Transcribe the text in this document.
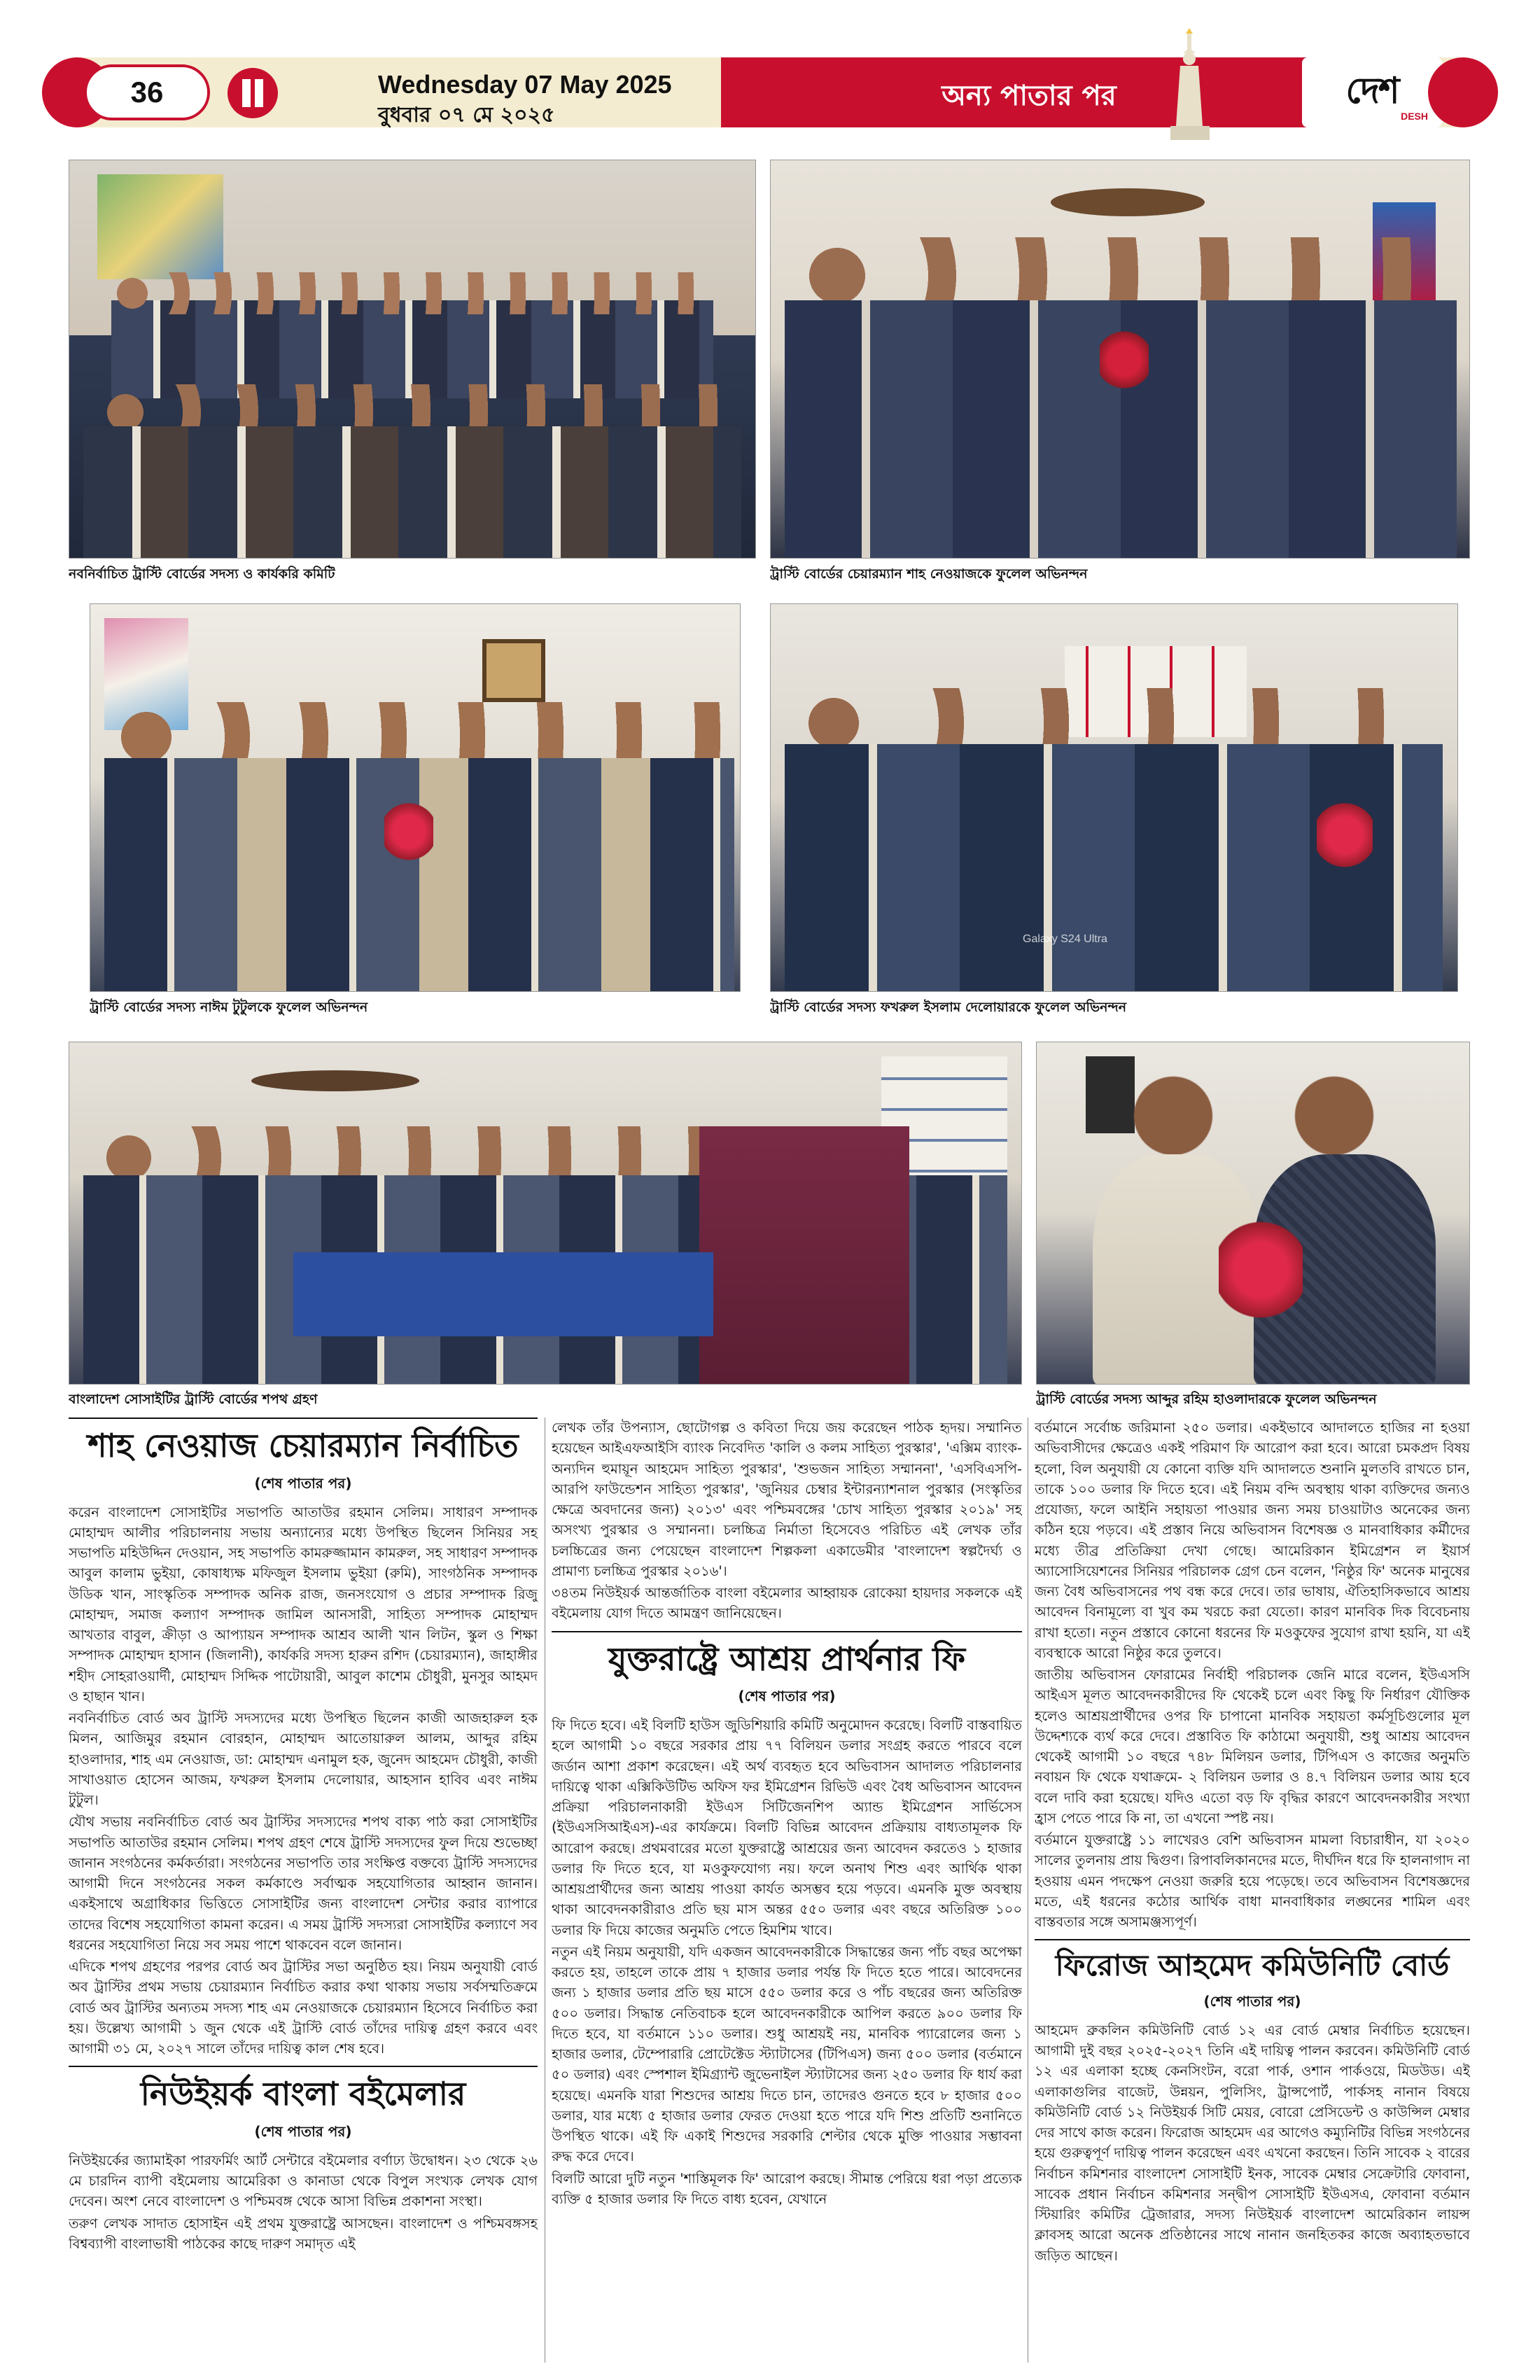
36	Wednesday 07 May 2025
বুধবার ০৭ মে ২০২৫
অন্য পাতার পর	দেশ
DESH
নবনির্বাচিত ট্রাস্টি বোর্ডের সদস্য ও কার্যকরি কমিটি	ট্রাস্টি বোর্ডের চেয়ারম্যান শাহ নেওয়াজকে ফুলেল অভিনন্দন
ট্রাস্টি বোর্ডের সদস্য নাঈম টুটুলকে ফুলেল অভিনন্দন
Galaxy S24 Ultra
ট্রাস্টি বোর্ডের সদস্য ফখরুল ইসলাম দেলোয়ারকে ফুলেল অভিনন্দন
বাংলাদেশ সোসাইটির ট্রাস্টি বোর্ডের শপথ গ্রহণ	ট্রাস্টি বোর্ডের সদস্য আব্দুর রহিম হাওলাদারকে ফুলেল অভিনন্দন
শাহ নেওয়াজ চেয়ারম্যান নির্বাচিত
(শেষ পাতার পর)

করেন বাংলাদেশ সোসাইটির সভাপতি আতাউর রহমান সেলিম। সাধারণ সম্পাদক মোহাম্মদ আলীর পরিচালনায় সভায় অন্যান্যের মধ্যে উপস্থিত ছিলেন সিনিয়র সহ সভাপতি মহিউদ্দিন দেওয়ান, সহ সভাপতি কামরুজ্জামান কামরুল, সহ সাধারণ সম্পাদক আবুল কালাম ভুইয়া, কোষাধ্যক্ষ মফিজুল ইসলাম ভুইয়া (রুমি), সাংগঠনিক সম্পাদক উডিক খান, সাংস্কৃতিক সম্পাদক অনিক রাজ, জনসংযোগ ও প্রচার সম্পাদক রিজু মোহাম্মদ, সমাজ কল্যাণ সম্পাদক জামিল আনসারী, সাহিত্য সম্পাদক মোহাম্মদ আখতার বাবুল, ক্রীড়া ও আপ্যায়ন সম্পাদক আশ্রব আলী খান লিটন, স্কুল ও শিক্ষা সম্পাদক মোহাম্মদ হাসান (জিলানী), কার্যকরি সদস্য হারুন রশিদ (চেয়ারম্যান), জাহাঙ্গীর শহীদ সোহরাওয়ার্দী, মোহাম্মদ সিদ্দিক পাটোয়ারী, আবুল কাশেম চৌধুরী, মুনসুর আহমদ ও হাছান খান।

নবনির্বাচিত বোর্ড অব ট্রাস্টি সদস্যদের মধ্যে উপস্থিত ছিলেন কাজী আজহারুল হক মিলন, আজিমুর রহমান বোরহান, মোহাম্মদ আতোয়ারুল আলম, আব্দুর রহিম হাওলাদার, শাহ এম নেওয়াজ, ডা: মোহাম্মদ এনামুল হক, জুনেদ আহমেদ চৌধুরী, কাজী সাখাওয়াত হোসেন আজম, ফখরুল ইসলাম দেলোয়ার, আহসান হাবিব এবং নাঈম টুটুল।

যৌথ সভায় নবনির্বাচিত বোর্ড অব ট্রাস্টির সদস্যদের শপথ বাক্য পাঠ করা সোসাইটির সভাপতি আতাউর রহমান সেলিম। শপথ গ্রহণ শেষে ট্রাস্টি সদস্যদের ফুল দিয়ে শুভেচ্ছা জানান সংগঠনের কর্মকর্তারা। সংগঠনের সভাপতি তার সংক্ষিপ্ত বক্তব্যে ট্রাস্টি সদস্যদের আগামী দিনে সংগঠনের সকল কর্মকাণ্ডে সর্বাত্মক সহযোগিতার আহ্বান জানান। একইসাথে অগ্রাধিকার ভিত্তিতে সোসাইটির জন্য বাংলাদেশ সেন্টার করার ব্যাপারে তাদের বিশেষ সহযোগিতা কামনা করেন। এ সময় ট্রাস্টি সদস্যরা সোসাইটির কল্যাণে সব ধরনের সহযোগিতা নিয়ে সব সময় পাশে থাকবেন বলে জানান।

এদিকে শপথ গ্রহণের পরপর বোর্ড অব ট্রাস্টির সভা অনুষ্ঠিত হয়। নিয়ম অনুযায়ী বোর্ড অব ট্রাস্টির প্রথম সভায় চেয়ারম্যান নির্বাচিত করার কথা থাকায় সভায় সর্বসম্মতিক্রমে বোর্ড অব ট্রাস্টির অন্যতম সদস্য শাহ এম নেওয়াজকে চেয়ারম্যান হিসেবে নির্বাচিত করা হয়। উল্লেখ্য আগামী ১ জুন থেকে এই ট্রাস্টি বোর্ড তাঁদের দায়িত্ব গ্রহণ করবে এবং আগামী ৩১ মে, ২০২৭ সালে তাঁদের দায়িত্ব কাল শেষ হবে।

নিউইয়র্ক বাংলা বইমেলার
(শেষ পাতার পর)

নিউইয়র্কের জ্যামাইকা পারফর্মিং আর্ট সেন্টারে বইমেলার বর্ণাঢ্য উদ্বোধন। ২৩ থেকে ২৬ মে চারদিন ব্যাপী বইমেলায় আমেরিকা ও কানাডা থেকে বিপুল সংখ্যক লেখক যোগ দেবেন। অংশ নেবে বাংলাদেশ ও পশ্চিমবঙ্গ থেকে আসা বিভিন্ন প্রকাশনা সংস্থা।

তরুণ লেখক সাদাত হোসাইন এই প্রথম যুক্তরাষ্ট্রে আসছেন। বাংলাদেশ ও পশ্চিমবঙ্গসহ বিশ্বব্যাপী বাংলাভাষী পাঠকের কাছে দারুণ সমাদৃত এই

লেখক তাঁর উপন্যাস, ছোটোগল্প ও কবিতা দিয়ে জয় করেছেন পাঠক হৃদয়। সম্মানিত হয়েছেন আইএফআইসি ব্যাংক নিবেদিত 'কালি ও কলম সাহিত্য পুরস্কার', 'এক্সিম ব্যাংক-অন্যদিন হুমায়ূন আহমেদ সাহিত্য পুরস্কার', 'শুভজন সাহিত্য সম্মাননা', 'এসবিএসপি-আরপি ফাউন্ডেশন সাহিত্য পুরস্কার', 'জুনিয়র চেম্বার ইন্টারন্যাশনাল পুরস্কার (সংস্কৃতির ক্ষেত্রে অবদানের জন্য) ২০১৩' এবং পশ্চিমবঙ্গের 'চোখ সাহিত্য পুরস্কার ২০১৯' সহ অসংখ্য পুরস্কার ও সম্মাননা। চলচ্চিত্র নির্মাতা হিসেবেও পরিচিত এই লেখক তাঁর চলচ্চিত্রের জন্য পেয়েছেন বাংলাদেশ শিল্পকলা একাডেমীর 'বাংলাদেশ স্বল্পদৈর্ঘ্য ও প্রামাণ্য চলচ্চিত্র পুরস্কার ২০১৬'।

৩৪তম নিউইয়র্ক আন্তর্জাতিক বাংলা বইমেলার আহ্বায়ক রোকেয়া হায়দার সকলকে এই বইমেলায় যোগ দিতে আমন্ত্রণ জানিয়েছেন।

যুক্তরাষ্ট্রে আশ্রয় প্রার্থনার ফি
(শেষ পাতার পর)

ফি দিতে হবে। এই বিলটি হাউস জুডিশিয়ারি কমিটি অনুমোদন করেছে। বিলটি বাস্তবায়িত হলে আগামী ১০ বছরে সরকার প্রায় ৭৭ বিলিয়ন ডলার সংগ্রহ করতে পারবে বলে জর্ডান আশা প্রকাশ করেছেন। এই অর্থ ব্যবহৃত হবে অভিবাসন আদালত পরিচালনার দায়িত্বে থাকা এক্সিকিউটিভ অফিস ফর ইমিগ্রেশন রিভিউ এবং বৈধ অভিবাসন আবেদন প্রক্রিয়া পরিচালনাকারী ইউএস সিটিজেনশিপ অ্যান্ড ইমিগ্রেশন সার্ভিসেস (ইউএসসিআইএস)-এর কার্যক্রমে। বিলটি বিভিন্ন আবেদন প্রক্রিয়ায় বাধ্যতামূলক ফি আরোপ করছে। প্রথমবারের মতো যুক্তরাষ্ট্রে আশ্রয়ের জন্য আবেদন করতেও ১ হাজার ডলার ফি দিতে হবে, যা মওকুফযোগ্য নয়। ফলে অনাথ শিশু এবং আর্থিক থাকা আশ্রয়প্রার্থীদের জন্য আশ্রয় পাওয়া কার্যত অসম্ভব হয়ে পড়বে। এমনকি মুক্ত অবস্থায় থাকা আবেদনকারীরাও প্রতি ছয় মাস অন্তর ৫৫০ ডলার এবং বছরে অতিরিক্ত ১০০ ডলার ফি দিয়ে কাজের অনুমতি পেতে হিমশিম খাবে।

নতুন এই নিয়ম অনুযায়ী, যদি একজন আবেদনকারীকে সিদ্ধান্তের জন্য পাঁচ বছর অপেক্ষা করতে হয়, তাহলে তাকে প্রায় ৭ হাজার ডলার পর্যন্ত ফি দিতে হতে পারে। আবেদনের জন্য ১ হাজার ডলার প্রতি ছয় মাসে ৫৫০ ডলার করে ও পাঁচ বছরের জন্য অতিরিক্ত ৫০০ ডলার। সিদ্ধান্ত নেতিবাচক হলে আবেদনকারীকে আপিল করতে ৯০০ ডলার ফি দিতে হবে, যা বর্তমানে ১১০ ডলার। শুধু আশ্রয়ই নয়, মানবিক প্যারোলের জন্য ১ হাজার ডলার, টেম্পোরারি প্রোটেক্টেড স্ট্যাটাসের (টিপিএস) জন্য ৫০০ ডলার (বর্তমানে ৫০ ডলার) এবং স্পেশাল ইমিগ্র্যান্ট জুভেনাইল স্ট্যাটাসের জন্য ২৫০ ডলার ফি ধার্য করা হয়েছে। এমনকি যারা শিশুদের আশ্রয় দিতে চান, তাদেরও গুনতে হবে ৮ হাজার ৫০০ ডলার, যার মধ্যে ৫ হাজার ডলার ফেরত দেওয়া হতে পারে যদি শিশু প্রতিটি শুনানিতে উপস্থিত থাকে। এই ফি একাই শিশুদের সরকারি শেল্টার থেকে মুক্তি পাওয়ার সম্ভাবনা রুদ্ধ করে দেবে।

বিলটি আরো দুটি নতুন 'শাস্তিমূলক ফি' আরোপ করছে। সীমান্ত পেরিয়ে ধরা পড়া প্রত্যেক ব্যক্তি ৫ হাজার ডলার ফি দিতে বাধ্য হবেন, যেখানে

বর্তমানে সর্বোচ্চ জরিমানা ২৫০ ডলার। একইভাবে আদালতে হাজির না হওয়া অভিবাসীদের ক্ষেত্রেও একই পরিমাণ ফি আরোপ করা হবে। আরো চমকপ্রদ বিষয় হলো, বিল অনুযায়ী যে কোনো ব্যক্তি যদি আদালতে শুনানি মুলতবি রাখতে চান, তাকে ১০০ ডলার ফি দিতে হবে। এই নিয়ম বন্দি অবস্থায় থাকা ব্যক্তিদের জন্যও প্রযোজ্য, ফলে আইনি সহায়তা পাওয়ার জন্য সময় চাওয়াটাও অনেকের জন্য কঠিন হয়ে পড়বে। এই প্রস্তাব নিয়ে অভিবাসন বিশেষজ্ঞ ও মানবাধিকার কর্মীদের মধ্যে তীব্র প্রতিক্রিয়া দেখা গেছে। আমেরিকান ইমিগ্রেশন ল ইয়ার্স অ্যাসোসিয়েশনের সিনিয়র পরিচালক গ্রেগ চেন বলেন, 'নিষ্ঠুর ফি' অনেক মানুষের জন্য বৈধ অভিবাসনের পথ বন্ধ করে দেবে। তার ভাষায়, ঐতিহাসিকভাবে আশ্রয় আবেদন বিনামূল্যে বা খুব কম খরচে করা যেতো। কারণ মানবিক দিক বিবেচনায় রাখা হতো। নতুন প্রস্তাবে কোনো ধরনের ফি মওকুফের সুযোগ রাখা হয়নি, যা এই ব্যবস্থাকে আরো নিষ্ঠুর করে তুলবে।

জাতীয় অভিবাসন ফোরামের নির্বাহী পরিচালক জেনি মারে বলেন, ইউএসসি আইএস মূলত আবেদনকারীদের ফি থেকেই চলে এবং কিছু ফি নির্ধারণ যৌক্তিক হলেও আশ্রয়প্রার্থীদের ওপর ফি চাপানো মানবিক সহায়তা কর্মসূচিগুলোর মূল উদ্দেশ্যকে ব্যর্থ করে দেবে। প্রস্তাবিত ফি কাঠামো অনুযায়ী, শুধু আশ্রয় আবেদন থেকেই আগামী ১০ বছরে ৭৪৮ মিলিয়ন ডলার, টিপিএস ও কাজের অনুমতি নবায়ন ফি থেকে যথাক্রমে- ২ বিলিয়ন ডলার ও ৪.৭ বিলিয়ন ডলার আয় হবে বলে দাবি করা হয়েছে। যদিও এতো বড় ফি বৃদ্ধির কারণে আবেদনকারীর সংখ্যা হ্রাস পেতে পারে কি না, তা এখনো স্পষ্ট নয়।

বর্তমানে যুক্তরাষ্ট্রে ১১ লাখেরও বেশি অভিবাসন মামলা বিচারাধীন, যা ২০২০ সালের তুলনায় প্রায় দ্বিগুণ। রিপাবলিকানদের মতে, দীর্ঘদিন ধরে ফি হালনাগাদ না হওয়ায় এমন পদক্ষেপ নেওয়া জরুরি হয়ে পড়েছে। তবে অভিবাসন বিশেষজ্ঞদের মতে, এই ধরনের কঠোর আর্থিক বাধা মানবাধিকার লঙ্ঘনের শামিল এবং বাস্তবতার সঙ্গে অসামঞ্জস্যপূর্ণ।

ফিরোজ আহমেদ কমিউনিটি বোর্ড
(শেষ পাতার পর)

আহমেদ ব্রুকলিন কমিউনিটি বোর্ড ১২ এর বোর্ড মেম্বার নির্বাচিত হয়েছেন। আগামী দুই বছর ২০২৫-২০২৭ তিনি এই দায়িত্ব পালন করবেন। কমিউনিটি বোর্ড ১২ এর এলাকা হচ্ছে কেনসিংটন, বরো পার্ক, ওশান পার্কওয়ে, মিডউড। এই এলাকাগুলির বাজেট, উন্নয়ন, পুলিসিং, ট্রান্সপোর্ট, পার্কসহ নানান বিষয়ে কমিউনিটি বোর্ড ১২ নিউইয়র্ক সিটি মেয়র, বোরো প্রেসিডেন্ট ও কাউন্সিল মেম্বার দের সাথে কাজ করেন। ফিরোজ আহমেদ এর আগেও কম্যুনিটির বিভিন্ন সংগঠনের হয়ে গুরুত্বপূর্ণ দায়িত্ব পালন করেছেন এবং এখনো করছেন। তিনি সাবেক ২ বারের নির্বাচন কমিশনার বাংলাদেশ সোসাইটি ইনক, সাবেক মেম্বার সেক্রেটারি ফোবানা, সাবেক প্রধান নির্বাচন কমিশনার সন্দ্বীপ সোসাইটি ইউএসএ, ফোবানা বর্তমান স্টিয়ারিং কমিটির ট্রেজারার, সদস্য নিউইয়র্ক বাংলাদেশ আমেরিকান লায়ন্স ক্লাবসহ আরো অনেক প্রতিষ্ঠানের সাথে নানান জনহিতকর কাজে অব্যাহতভাবে জড়িত আছেন।
